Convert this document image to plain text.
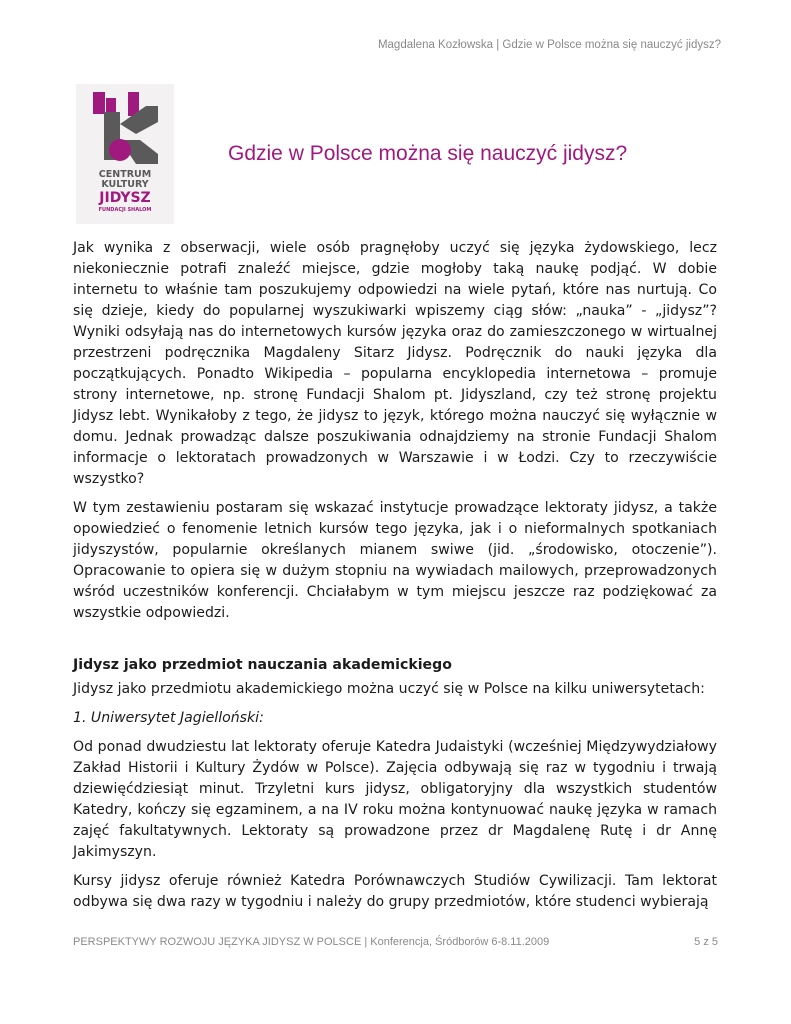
Magdalena Kozłowska | Gdzie w Polsce można się nauczyć jidysz?
CENTRUM
KULTURY
JIDYSZ
FUNDACJI SHALOM
Gdzie w Polsce można się nauczyć jidysz?

Jak wynika z obserwacji, wiele osób pragnęłoby uczyć się języka żydowskiego, lecz niekoniecznie potrafi znaleźć miejsce, gdzie mogłoby taką naukę podjąć. W dobie internetu to właśnie tam poszukujemy odpowiedzi na wiele pytań, które nas nurtują. Co się dzieje, kiedy do popularnej wyszukiwarki wpiszemy ciąg słów: „nauka” - „jidysz”? Wyniki odsyłają nas do internetowych kursów języka oraz do zamieszczonego w wirtualnej przestrzeni podręcznika Magdaleny Sitarz Jidysz. Podręcznik do nauki języka dla początkujących. Ponadto Wikipedia – popularna encyklopedia internetowa – promuje strony internetowe, np. stronę Fundacji Shalom pt. Jidyszland, czy też stronę projektu Jidysz lebt. Wynikałoby z tego, że jidysz to język, którego można nauczyć się wyłącznie w domu. Jednak prowadząc dalsze poszukiwania odnajdziemy na stronie Fundacji Shalom informacje o lektoratach prowadzonych w Warszawie i w Łodzi. Czy to rzeczywiście wszystko?

W tym zestawieniu postaram się wskazać instytucje prowadzące lektoraty jidysz, a także opowiedzieć o fenomenie letnich kursów tego języka, jak i o nieformalnych spotkaniach jidyszystów, popularnie określanych mianem swiwe (jid. „środowisko, otoczenie”). Opracowanie to opiera się w dużym stopniu na wywiadach mailowych, przeprowadzonych wśród uczestników konferencji. Chciałabym w tym miejscu jeszcze raz podziękować za wszystkie odpowiedzi.

Jidysz jako przedmiot nauczania akademickiego

Jidysz jako przedmiotu akademickiego można uczyć się w Polsce na kilku uniwersytetach:

1. Uniwersytet Jagielloński:

Od ponad dwudziestu lat lektoraty oferuje Katedra Judaistyki (wcześniej Międzywydziałowy Zakład Historii i Kultury Żydów w Polsce). Zajęcia odbywają się raz w tygodniu i trwają dziewięćdziesiąt minut. Trzyletni kurs jidysz, obligatoryjny dla wszystkich studentów Katedry, kończy się egzaminem, a na IV roku można kontynuować naukę języka w ramach zajęć fakultatywnych. Lektoraty są prowadzone przez dr Magdalenę Rutę i dr Annę Jakimyszyn.

Kursy jidysz oferuje również Katedra Porównawczych Studiów Cywilizacji. Tam lektorat odbywa się dwa razy w tygodniu i należy do grupy przedmiotów, które studenci wybierają

PERSPEKTYWY ROZWOJU JĘZYKA JIDYSZ W POLSCE | Konferencja, Śródborów 6-8.11.2009	5 z 5
